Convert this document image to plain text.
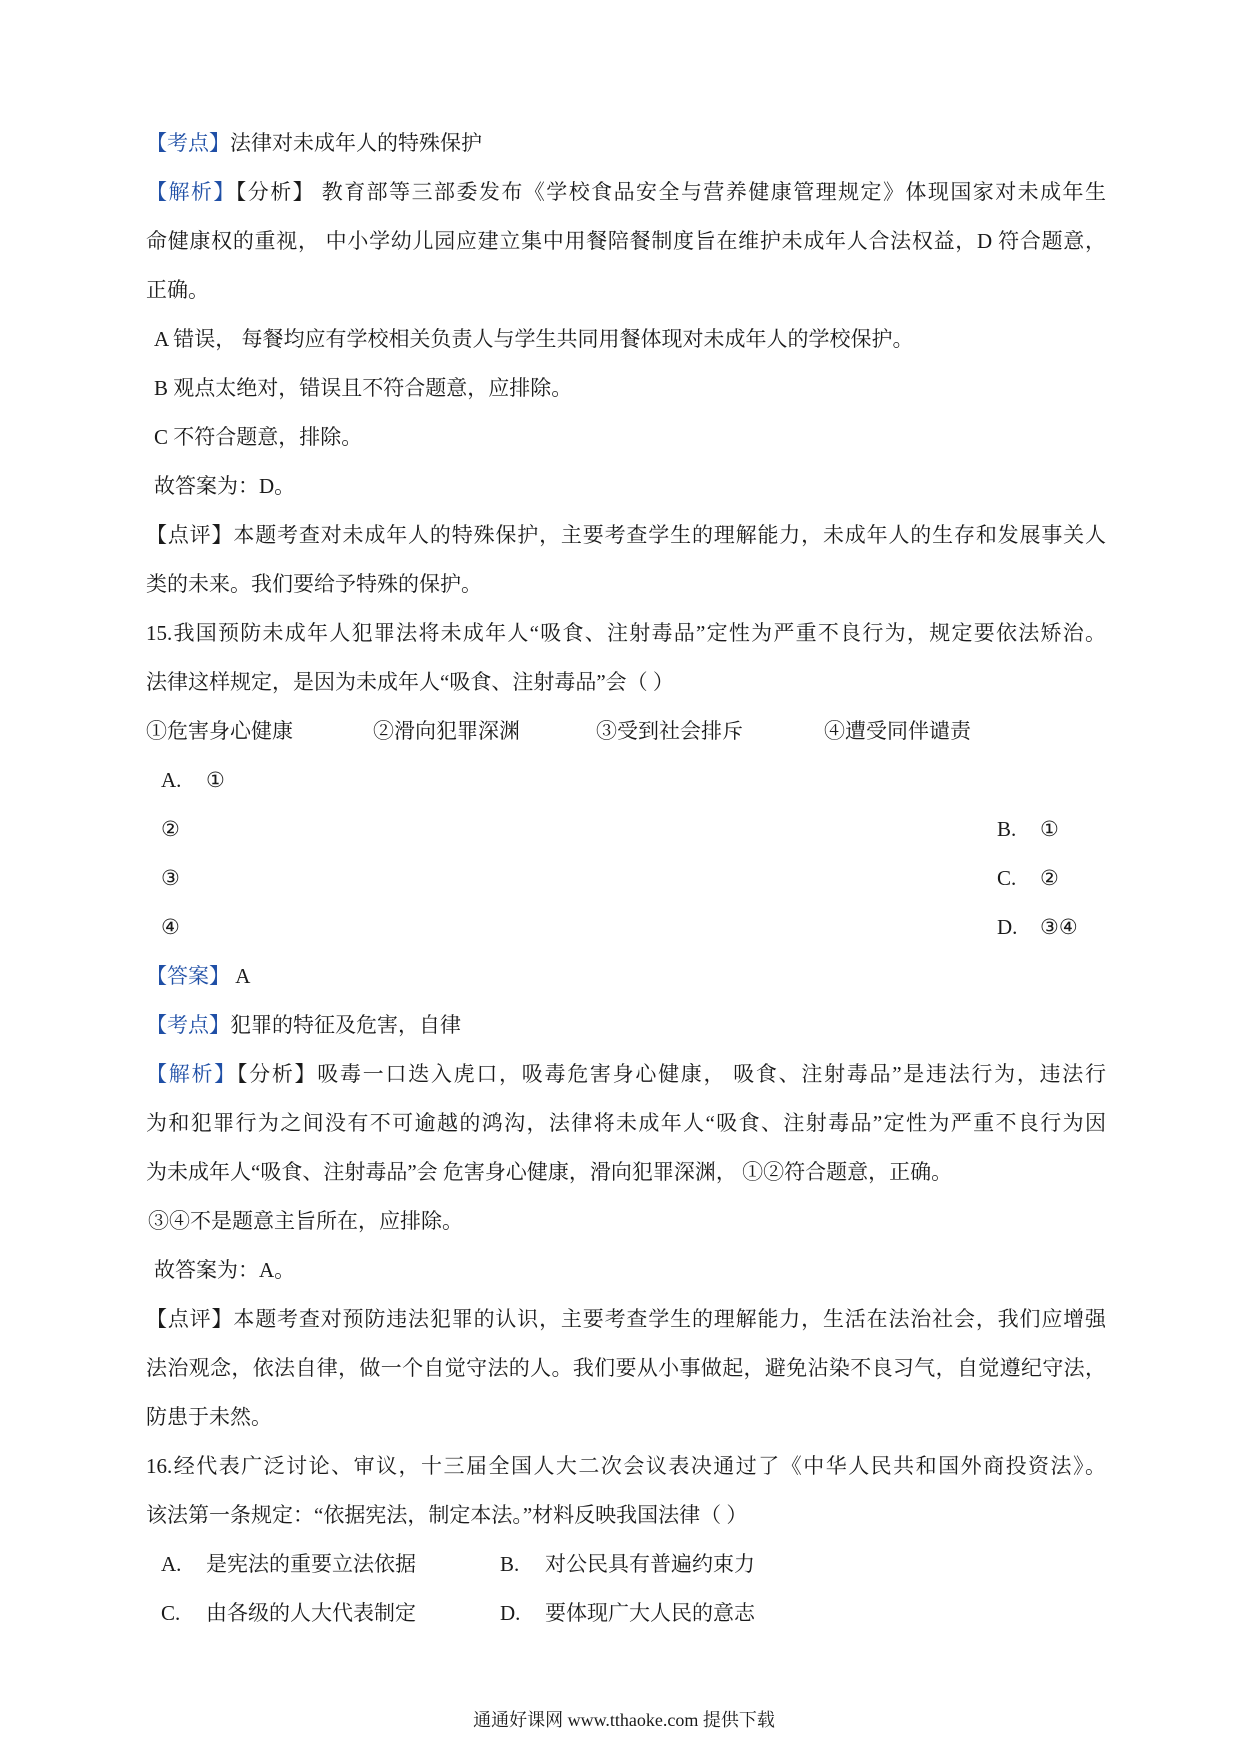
【考点】法律对未成年人的特殊保护
【解析】【分析】 教育部等三部委发布《学校食品安全与营养健康管理规定》体现国家对未成年生
命健康权的重视， 中小学幼儿园应建立集中用餐陪餐制度旨在维护未成年人合法权益，D 符合题意，
正确。
A 错误， 每餐均应有学校相关负责人与学生共同用餐体现对未成年人的学校保护。
B 观点太绝对，错误且不符合题意，应排除。
C 不符合题意，排除。
故答案为：D。
【点评】本题考查对未成年人的特殊保护，主要考查学生的理解能力，未成年人的生存和发展事关人
类的未来。我们要给予特殊的保护。
15.我国预防未成年人犯罪法将未成年人“吸食、注射毒品”定性为严重不良行为，规定要依法矫治。
法律这样规定，是因为未成年人“吸食、注射毒品”会（ ）
①危害身心健康	②滑向犯罪深渊	③受到社会排斥	④遭受同伴谴责
A. ①
②	B. ①
③	C. ②
④	D. ③④
【答案】 A
【考点】犯罪的特征及危害，自律
【解析】【分析】吸毒一口迭入虎口，吸毒危害身心健康， 吸食、注射毒品”是违法行为，违法行
为和犯罪行为之间没有不可逾越的鸿沟，法律将未成年人“吸食、注射毒品”定性为严重不良行为因
为未成年人“吸食、注射毒品”会 危害身心健康，滑向犯罪深渊， ①②符合题意，正确。
③④不是题意主旨所在，应排除。
故答案为：A。
【点评】本题考查对预防违法犯罪的认识，主要考查学生的理解能力，生活在法治社会，我们应增强
法治观念，依法自律，做一个自觉守法的人。我们要从小事做起，避免沾染不良习气，自觉遵纪守法，
防患于未然。
16.经代表广泛讨论、审议，十三届全国人大二次会议表决通过了《中华人民共和国外商投资法》。
该法第一条规定：“依据宪法，制定本法。”材料反映我国法律（ ）
A. 是宪法的重要立法依据	B. 对公民具有普遍约束力
C. 由各级的人大代表制定	D. 要体现广大人民的意志
通通好课网 www.tthaoke.com 提供下载
